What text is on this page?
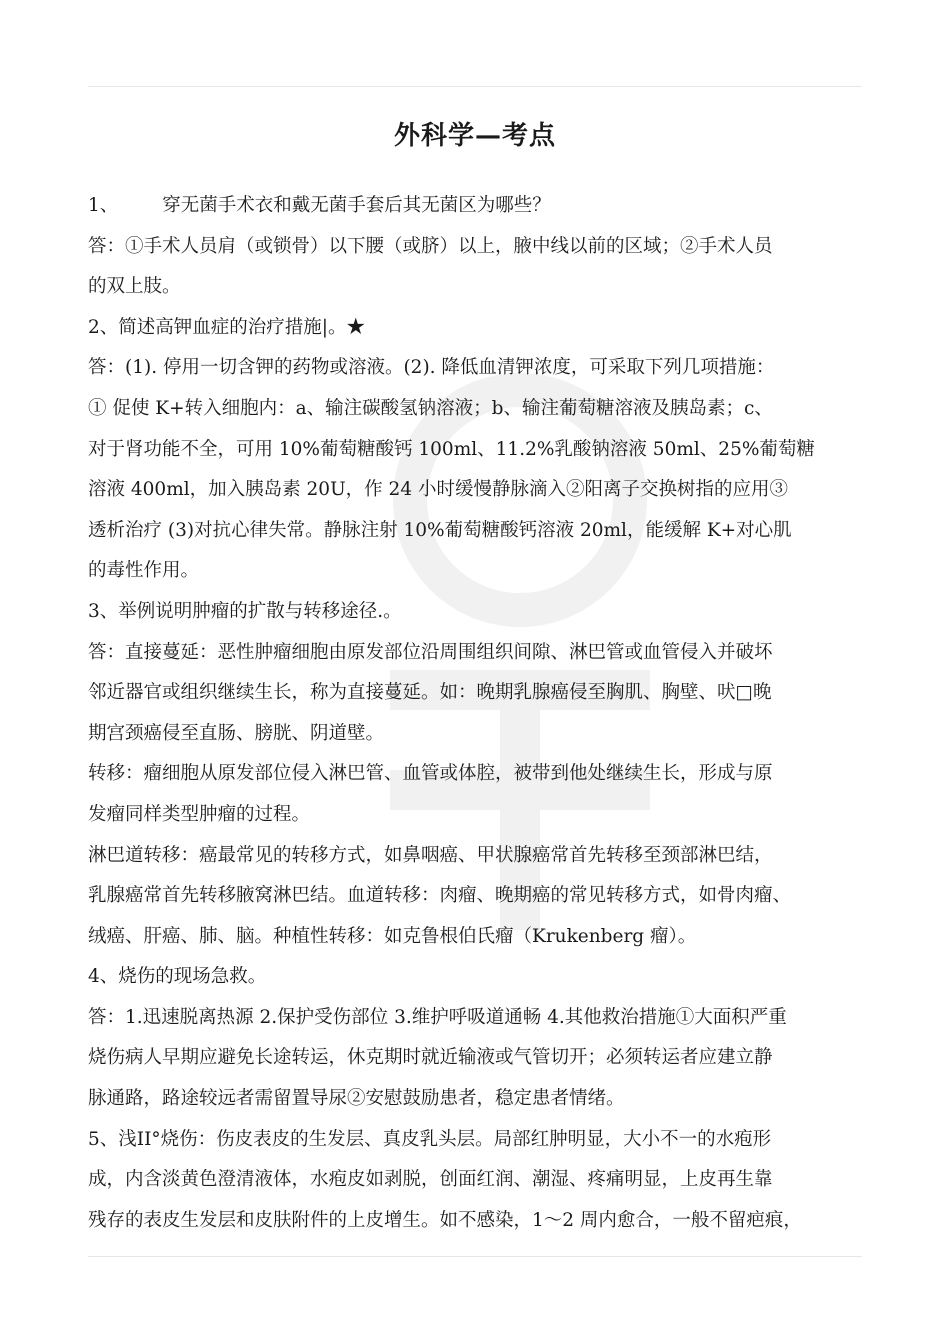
外科学—考点
1、 穿无菌手术衣和戴无菌手套后其无菌区为哪些？
答：①手术人员肩（或锁骨）以下腰（或脐）以上，腋中线以前的区域；②手术人员
的双上肢。
2、简述高钾血症的治疗措施|。★
答：(1). 停用一切含钾的药物或溶液。(2). 降低血清钾浓度，可采取下列几项措施：
① 促使 K+转入细胞内：a、输注碳酸氢钠溶液；b、输注葡萄糖溶液及胰岛素；c、
对于肾功能不全，可用 10%葡萄糖酸钙 100ml、11.2%乳酸钠溶液 50ml、25%葡萄糖
溶液 400ml，加入胰岛素 20U，作 24 小时缓慢静脉滴入②阳离子交换树指的应用③
透析治疗 (3)对抗心律失常。静脉注射 10%葡萄糖酸钙溶液 20ml，能缓解 K+对心肌
的毒性作用。
3、举例说明肿瘤的扩散与转移途径.。
答：直接蔓延：恶性肿瘤细胞由原发部位沿周围组织间隙、淋巴管或血管侵入并破坏
邻近器官或组织继续生长，称为直接蔓延。如：晚期乳腺癌侵至胸肌、胸壁、吠□晚
期宫颈癌侵至直肠、膀胱、阴道壁。
转移：瘤细胞从原发部位侵入淋巴管、血管或体腔，被带到他处继续生长，形成与原
发瘤同样类型肿瘤的过程。
淋巴道转移：癌最常见的转移方式，如鼻咽癌、甲状腺癌常首先转移至颈部淋巴结，
乳腺癌常首先转移腋窝淋巴结。血道转移：肉瘤、晚期癌的常见转移方式，如骨肉瘤、
绒癌、肝癌、肺、脑。种植性转移：如克鲁根伯氏瘤（Krukenberg 瘤）。
4、烧伤的现场急救。
答：1.迅速脱离热源 2.保护受伤部位 3.维护呼吸道通畅 4.其他救治措施①大面积严重
烧伤病人早期应避免长途转运，休克期时就近输液或气管切开；必须转运者应建立静
脉通路，路途较远者需留置导尿②安慰鼓励患者，稳定患者情绪。
5、浅II°烧伤：伤皮表皮的生发层、真皮乳头层。局部红肿明显，大小不一的水疱形
成，内含淡黄色澄清液体，水疱皮如剥脱，创面红润、潮湿、疼痛明显，上皮再生靠
残存的表皮生发层和皮肤附件的上皮增生。如不感染，1～2 周内愈合，一般不留疤痕，
